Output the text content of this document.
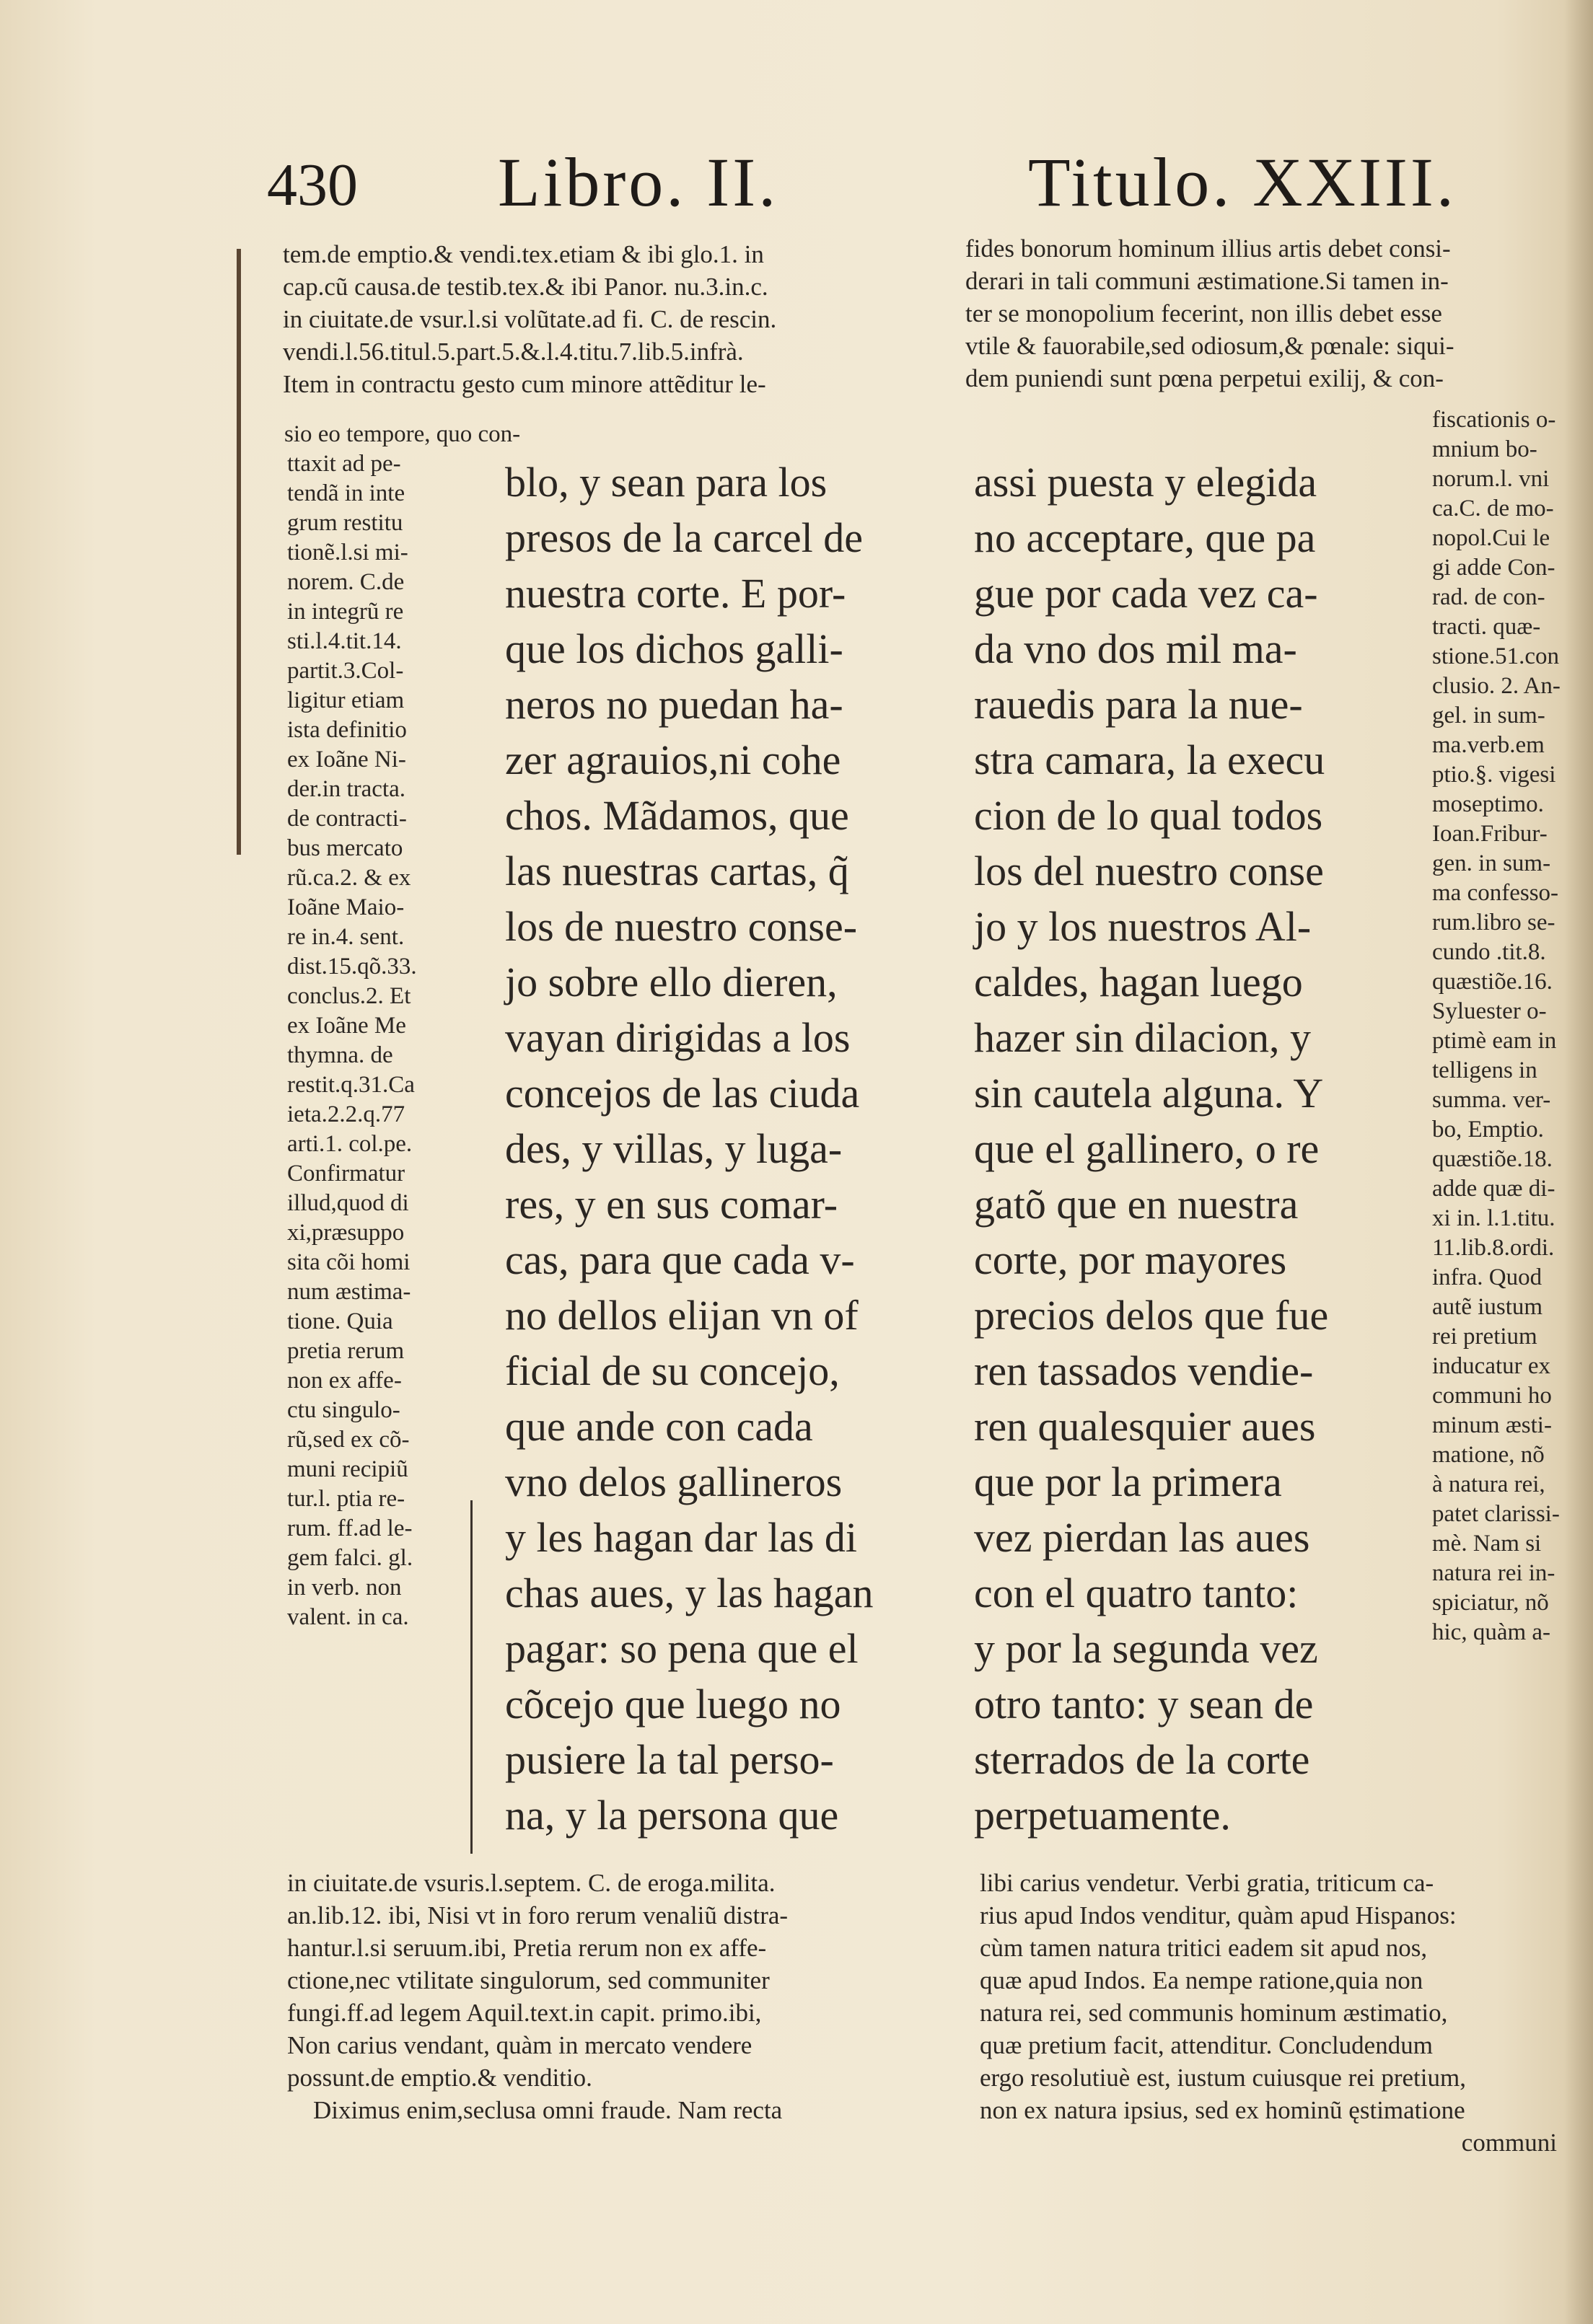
430 Libro. II.	Titulo. XXIII.
tem.de emptio.& vendi.tex.etiam & ibi glo.1. in
cap.cũ causa.de testib.tex.& ibi Panor. nu.3.in.c.
in ciuitate.de vsur.l.si volũtate.ad fi. C. de rescin.
vendi.l.56.titul.5.part.5.&.l.4.titu.7.lib.5.infrà.
Item in contractu gesto cum minore attẽditur le-
fides bonorum hominum illius artis debet consi-
derari in tali communi æstimatione.Si tamen in-
ter se monopolium fecerint, non illis debet esse
vtile & fauorabile,sed odiosum,& pœnale: siqui-
dem puniendi sunt pœna perpetui exilij, & con-
sio eo tempore, quo con-
ttaxit ad pe-
tendã in inte
grum restitu
tionẽ.l.si mi-
norem. C.de
in integrũ re
sti.l.4.tit.14.
partit.3.Col-
ligitur etiam
ista definitio
ex Ioãne Ni-
der.in tracta.
de contracti-
bus mercato
rũ.ca.2. & ex
Ioãne Maio-
re in.4. sent.
dist.15.qõ.33.
conclus.2. Et
ex Ioãne Me
thymna. de
restit.q.31.Ca
ieta.2.2.q.77
arti.1. col.pe.
Confirmatur
illud,quod di
xi,præsuppo
sita cõi homi
num æstima-
tione. Quia
pretia rerum
non ex affe-
ctu singulo-
rũ,sed ex cõ-
muni recipiũ
tur.l. ptia re-
rum. ff.ad le-
gem falci. gl.
in verb. non
valent. in ca.
blo, y sean para los
presos de la carcel de
nuestra corte. E por-
que los dichos galli-
neros no puedan ha-
zer agrauios,ni cohe
chos. Mãdamos, que
las nuestras cartas, q̃
los de nuestro conse-
jo sobre ello dieren,
vayan dirigidas a los
concejos de las ciuda
des, y villas, y luga-
res, y en sus comar-
cas, para que cada v-
no dellos elijan vn of
ficial de su concejo,
que ande con cada
vno delos gallineros
y les hagan dar las di
chas aues, y las hagan
pagar: so pena que el
cõcejo que luego no
pusiere la tal perso-
na, y la persona que
assi puesta y elegida
no acceptare, que pa
gue por cada vez ca-
da vno dos mil ma-
rauedis para la nue-
stra camara, la execu
cion de lo qual todos
los del nuestro conse
jo y los nuestros Al-
caldes, hagan luego
hazer sin dilacion, y
sin cautela alguna. Y
que el gallinero, o re
gatõ que en nuestra
corte, por mayores
precios delos que fue
ren tassados vendie-
ren qualesquier aues
que por la primera
vez pierdan las aues
con el quatro tanto:
y por la segunda vez
otro tanto: y sean de
sterrados de la corte
perpetuamente.
fiscationis o-
mnium bo-
norum.l. vni
ca.C. de mo-
nopol.Cui le
gi adde Con-
rad. de con-
tracti. quæ-
stione.51.con
clusio. 2. An-
gel. in sum-
ma.verb.em
ptio.§. vigesi
moseptimo.
Ioan.Fribur-
gen. in sum-
ma confesso-
rum.libro se-
cundo .tit.8.
quæstiõe.16.
Syluester o-
ptimè eam in
telligens in
summa. ver-
bo, Emptio.
quæstiõe.18.
adde quæ di-
xi in. l.1.titu.
11.lib.8.ordi.
infra. Quod
autẽ iustum
rei pretium
inducatur ex
communi ho
minum æsti-
matione, nõ
à natura rei,
patet clarissi-
mè. Nam si
natura rei in-
spiciatur, nõ
hic, quàm a-
in ciuitate.de vsuris.l.septem. C. de eroga.milita.
an.lib.12. ibi, Nisi vt in foro rerum venaliũ distra-
hantur.l.si seruum.ibi, Pretia rerum non ex affe-
ctione,nec vtilitate singulorum, sed communiter
fungi.ff.ad legem Aquil.text.in capit. primo.ibi,
Non carius vendant, quàm in mercato vendere
possunt.de emptio.& venditio.
Diximus enim,seclusa omni fraude. Nam recta
libi carius vendetur. Verbi gratia, triticum ca-
rius apud Indos venditur, quàm apud Hispanos:
cùm tamen natura tritici eadem sit apud nos,
quæ apud Indos. Ea nempe ratione,quia non
natura rei, sed communis hominum æstimatio,
quæ pretium facit, attenditur. Concludendum
ergo resolutiuè est, iustum cuiusque rei pretium,
non ex natura ipsius, sed ex hominũ ęstimatione
communi
